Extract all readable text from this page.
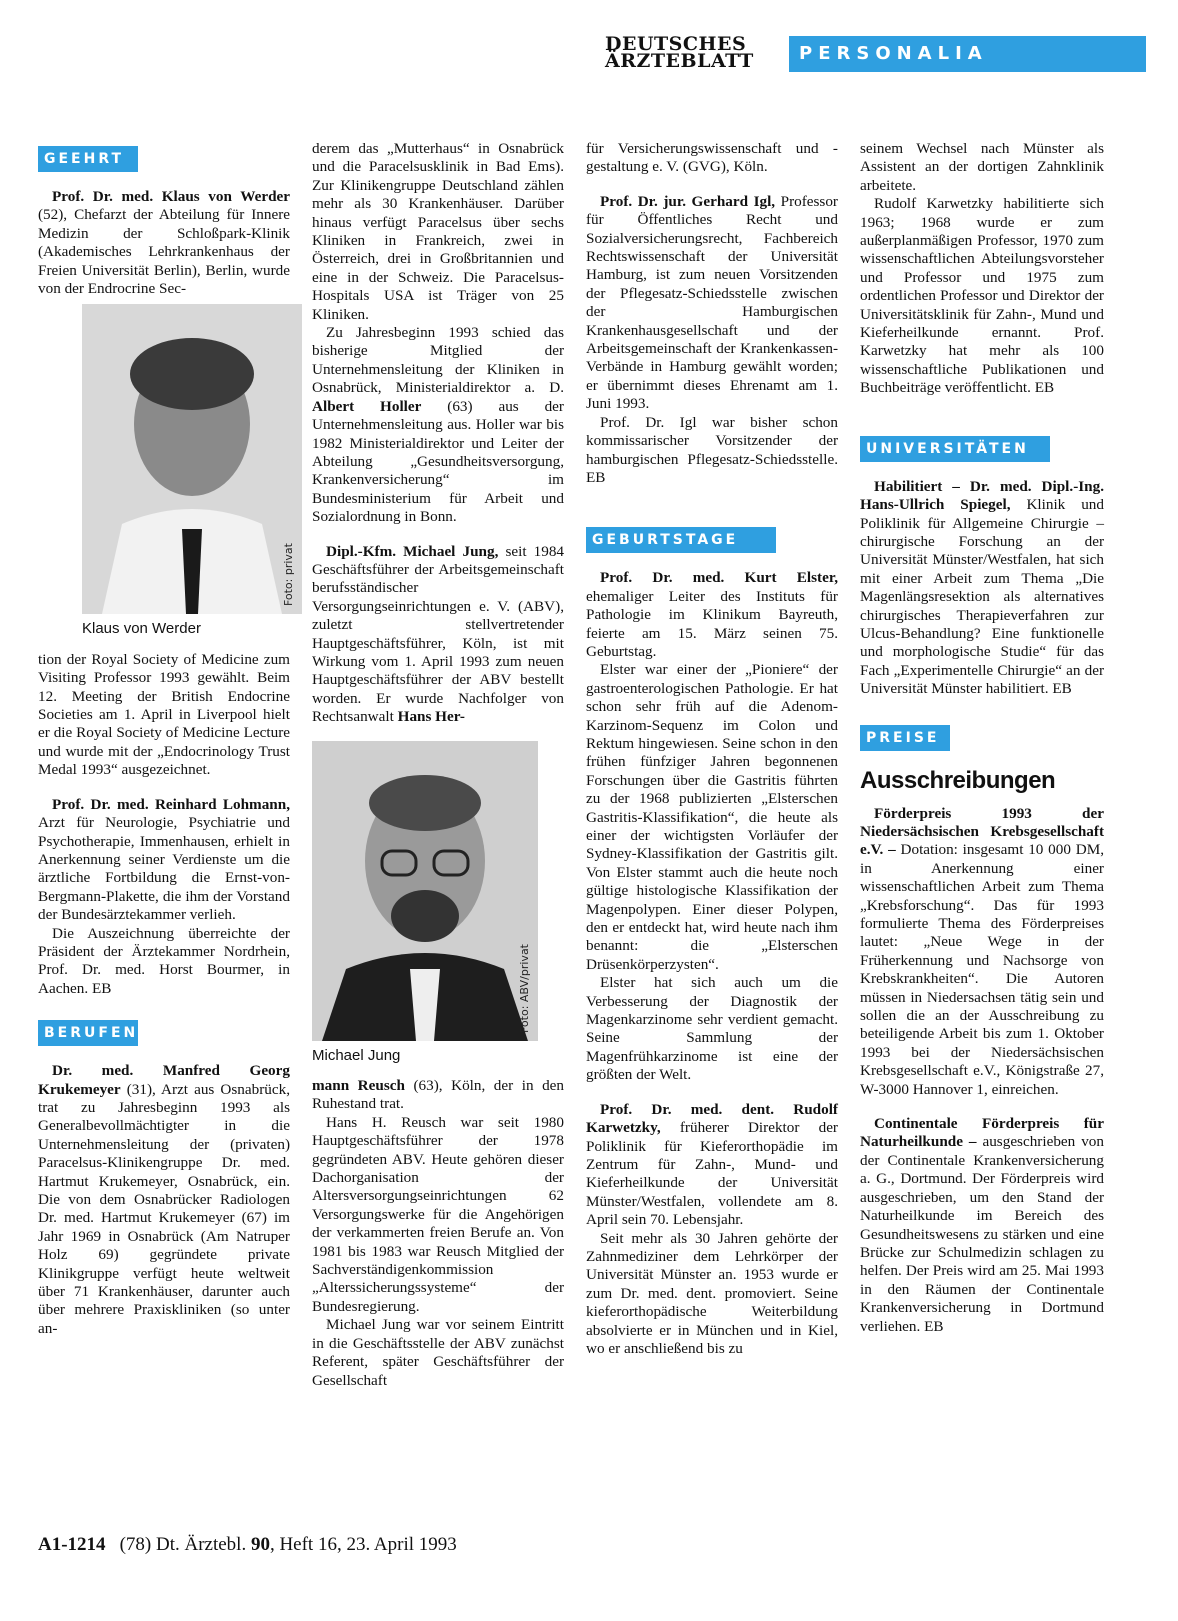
DEUTSCHES
ÄRZTEBLATT	PERSONALIA
GEEHRT

Prof. Dr. med. Klaus von Werder (52), Chefarzt der Abteilung für Innere Medizin der Schloßpark-Klinik (Akademisches Lehrkrankenhaus der Freien Universität Berlin), Berlin, wurde von der Endrocrine Sec-

Foto: privat
Klaus von Werder

tion der Royal Society of Medicine zum Visiting Professor 1993 gewählt. Beim 12. Meeting der British Endocrine Societies am 1. April in Liverpool hielt er die Royal Society of Medicine Lecture und wurde mit der „Endocrinology Trust Medal 1993“ ausgezeichnet.

Prof. Dr. med. Reinhard Lohmann, Arzt für Neurologie, Psychiatrie und Psychotherapie, Immenhausen, erhielt in Anerkennung seiner Verdienste um die ärztliche Fortbildung die Ernst-von-Bergmann-Plakette, die ihm der Vorstand der Bundesärztekammer verlieh.

Die Auszeichnung überreichte der Präsident der Ärztekammer Nordrhein, Prof. Dr. med. Horst Bourmer, in Aachen. EB

BERUFEN

Dr. med. Manfred Georg Krukemeyer (31), Arzt aus Osnabrück, trat zu Jahresbeginn 1993 als Generalbevollmächtigter in die Unternehmensleitung der (privaten) Paracelsus-Klinikengruppe Dr. med. Hartmut Krukemeyer, Osnabrück, ein. Die von dem Osnabrücker Radiologen Dr. med. Hartmut Krukemeyer (67) im Jahr 1969 in Osnabrück (Am Natruper Holz 69) gegründete private Klinikgruppe verfügt heute weltweit über 71 Krankenhäuser, darunter auch über mehrere Praxiskliniken (so unter an-

derem das „Mutterhaus“ in Osnabrück und die Paracelsusklinik in Bad Ems). Zur Klinikengruppe Deutschland zählen mehr als 30 Krankenhäuser. Darüber hinaus verfügt Paracelsus über sechs Kliniken in Frankreich, zwei in Österreich, drei in Großbritannien und eine in der Schweiz. Die Paracelsus-Hospitals USA ist Träger von 25 Kliniken.

Zu Jahresbeginn 1993 schied das bisherige Mitglied der Unternehmensleitung der Kliniken in Osnabrück, Ministerialdirektor a. D. Albert Holler (63) aus der Unternehmensleitung aus. Holler war bis 1982 Ministerialdirektor und Leiter der Abteilung „Gesundheitsversorgung, Krankenversicherung“ im Bundesministerium für Arbeit und Sozialordnung in Bonn.

Dipl.-Kfm. Michael Jung, seit 1984 Geschäftsführer der Arbeitsgemeinschaft berufsständischer Versorgungseinrichtungen e. V. (ABV), zuletzt stellvertretender Hauptgeschäftsführer, Köln, ist mit Wirkung vom 1. April 1993 zum neuen Hauptgeschäftsführer der ABV bestellt worden. Er wurde Nachfolger von Rechtsanwalt Hans Her-

Foto: ABV/privat
Michael Jung

mann Reusch (63), Köln, der in den Ruhestand trat.

Hans H. Reusch war seit 1980 Hauptgeschäftsführer der 1978 gegründeten ABV. Heute gehören dieser Dachorganisation der Altersversorgungseinrichtungen 62 Versorgungswerke für die Angehörigen der verkammerten freien Berufe an. Von 1981 bis 1983 war Reusch Mitglied der Sachverständigenkommission „Alterssicherungssysteme“ der Bundesregierung.

Michael Jung war vor seinem Eintritt in die Geschäftsstelle der ABV zunächst Referent, später Geschäftsführer der Gesellschaft

für Versicherungswissenschaft und -gestaltung e. V. (GVG), Köln.

Prof. Dr. jur. Gerhard Igl, Professor für Öffentliches Recht und Sozialversicherungsrecht, Fachbereich Rechtswissenschaft der Universität Hamburg, ist zum neuen Vorsitzenden der Pflegesatz-Schiedsstelle zwischen der Hamburgischen Krankenhausgesellschaft und der Arbeitsgemeinschaft der Krankenkassen-Verbände in Hamburg gewählt worden; er übernimmt dieses Ehrenamt am 1. Juni 1993.

Prof. Dr. Igl war bisher schon kommissarischer Vorsitzender der hamburgischen Pflegesatz-Schiedsstelle. EB

GEBURTSTAGE

Prof. Dr. med. Kurt Elster, ehemaliger Leiter des Instituts für Pathologie im Klinikum Bayreuth, feierte am 15. März seinen 75. Geburtstag.

Elster war einer der „Pioniere“ der gastroenterologischen Pathologie. Er hat schon sehr früh auf die Adenom-Karzinom-Sequenz im Colon und Rektum hingewiesen. Seine schon in den frühen fünfziger Jahren begonnenen Forschungen über die Gastritis führten zu der 1968 publizierten „Elsterschen Gastritis-Klassifikation“, die heute als einer der wichtigsten Vorläufer der Sydney-Klassifikation der Gastritis gilt. Von Elster stammt auch die heute noch gültige histologische Klassifikation der Magenpolypen. Einer dieser Polypen, den er entdeckt hat, wird heute nach ihm benannt: die „Elsterschen Drüsenkörperzysten“.

Elster hat sich auch um die Verbesserung der Diagnostik der Magenkarzinome sehr verdient gemacht. Seine Sammlung der Magenfrühkarzinome ist eine der größten der Welt.

Prof. Dr. med. dent. Rudolf Karwetzky, früherer Direktor der Poliklinik für Kieferorthopädie im Zentrum für Zahn-, Mund- und Kieferheilkunde der Universität Münster/Westfalen, vollendete am 8. April sein 70. Lebensjahr.

Seit mehr als 30 Jahren gehörte der Zahnmediziner dem Lehrkörper der Universität Münster an. 1953 wurde er zum Dr. med. dent. promoviert. Seine kieferorthopädische Weiterbildung absolvierte er in München und in Kiel, wo er anschließend bis zu

seinem Wechsel nach Münster als Assistent an der dortigen Zahnklinik arbeitete.

Rudolf Karwetzky habilitierte sich 1963; 1968 wurde er zum außerplanmäßigen Professor, 1970 zum wissenschaftlichen Abteilungsvorsteher und Professor und 1975 zum ordentlichen Professor und Direktor der Universitätsklinik für Zahn-, Mund und Kieferheilkunde ernannt. Prof. Karwetzky hat mehr als 100 wissenschaftliche Publikationen und Buchbeiträge veröffentlicht. EB

UNIVERSITÄTEN

Habilitiert – Dr. med. Dipl.-Ing. Hans-Ullrich Spiegel, Klinik und Poliklinik für Allgemeine Chirurgie – chirurgische Forschung an der Universität Münster/Westfalen, hat sich mit einer Arbeit zum Thema „Die Magenlängsresektion als alternatives chirurgisches Therapieverfahren zur Ulcus-Behandlung? Eine funktionelle und morphologische Studie“ für das Fach „Experimentelle Chirurgie“ an der Universität Münster habilitiert. EB

PREISE
Ausschreibungen

Förderpreis 1993 der Niedersächsischen Krebsgesellschaft e.V. – Dotation: insgesamt 10 000 DM, in Anerkennung einer wissenschaftlichen Arbeit zum Thema „Krebsforschung“. Das für 1993 formulierte Thema des Förderpreises lautet: „Neue Wege in der Früherkennung und Nachsorge von Krebskrankheiten“. Die Autoren müssen in Niedersachsen tätig sein und sollen die an der Ausschreibung zu beteiligende Arbeit bis zum 1. Oktober 1993 bei der Niedersächsischen Krebsgesellschaft e.V., Königstraße 27, W-3000 Hannover 1, einreichen.

Continentale Förderpreis für Naturheilkunde – ausgeschrieben von der Continentale Krankenversicherung a. G., Dortmund. Der Förderpreis wird ausgeschrieben, um den Stand der Naturheilkunde im Bereich des Gesundheitswesens zu stärken und eine Brücke zur Schulmedizin schlagen zu helfen. Der Preis wird am 25. Mai 1993 in den Räumen der Continentale Krankenversicherung in Dortmund verliehen. EB

A1-1214 (78) Dt. Ärztebl. 90, Heft 16, 23. April 1993
